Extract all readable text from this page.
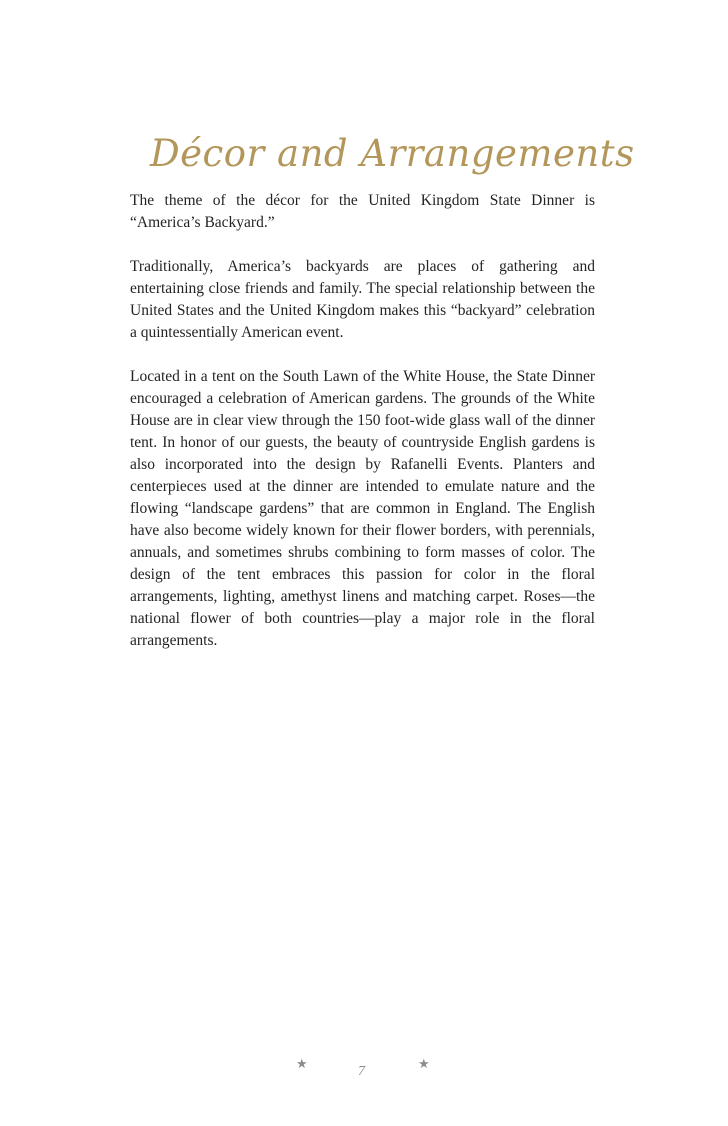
Décor and Arrangements

The theme of the décor for the United Kingdom State Dinner is “America’s Backyard.”

Traditionally, America’s backyards are places of gathering and entertaining close friends and family. The special relationship between the United States and the United Kingdom makes this “backyard” celebration a quintessentially American event.

Located in a tent on the South Lawn of the White House, the State Dinner encouraged a celebration of American gardens. The grounds of the White House are in clear view through the 150 foot-wide glass wall of the dinner tent. In honor of our guests, the beauty of countryside English gardens is also incorporated into the design by Rafanelli Events. Planters and centerpieces used at the dinner are intended to emulate nature and the flowing “landscape gardens” that are common in England. The English have also become widely known for their flower borders, with perennials, annuals, and sometimes shrubs combining to form masses of color. The design of the tent embraces this passion for color in the floral arrangements, lighting, amethyst linens and matching carpet. Roses—the national flower of both countries—play a major role in the floral arrangements.

★
7
★
